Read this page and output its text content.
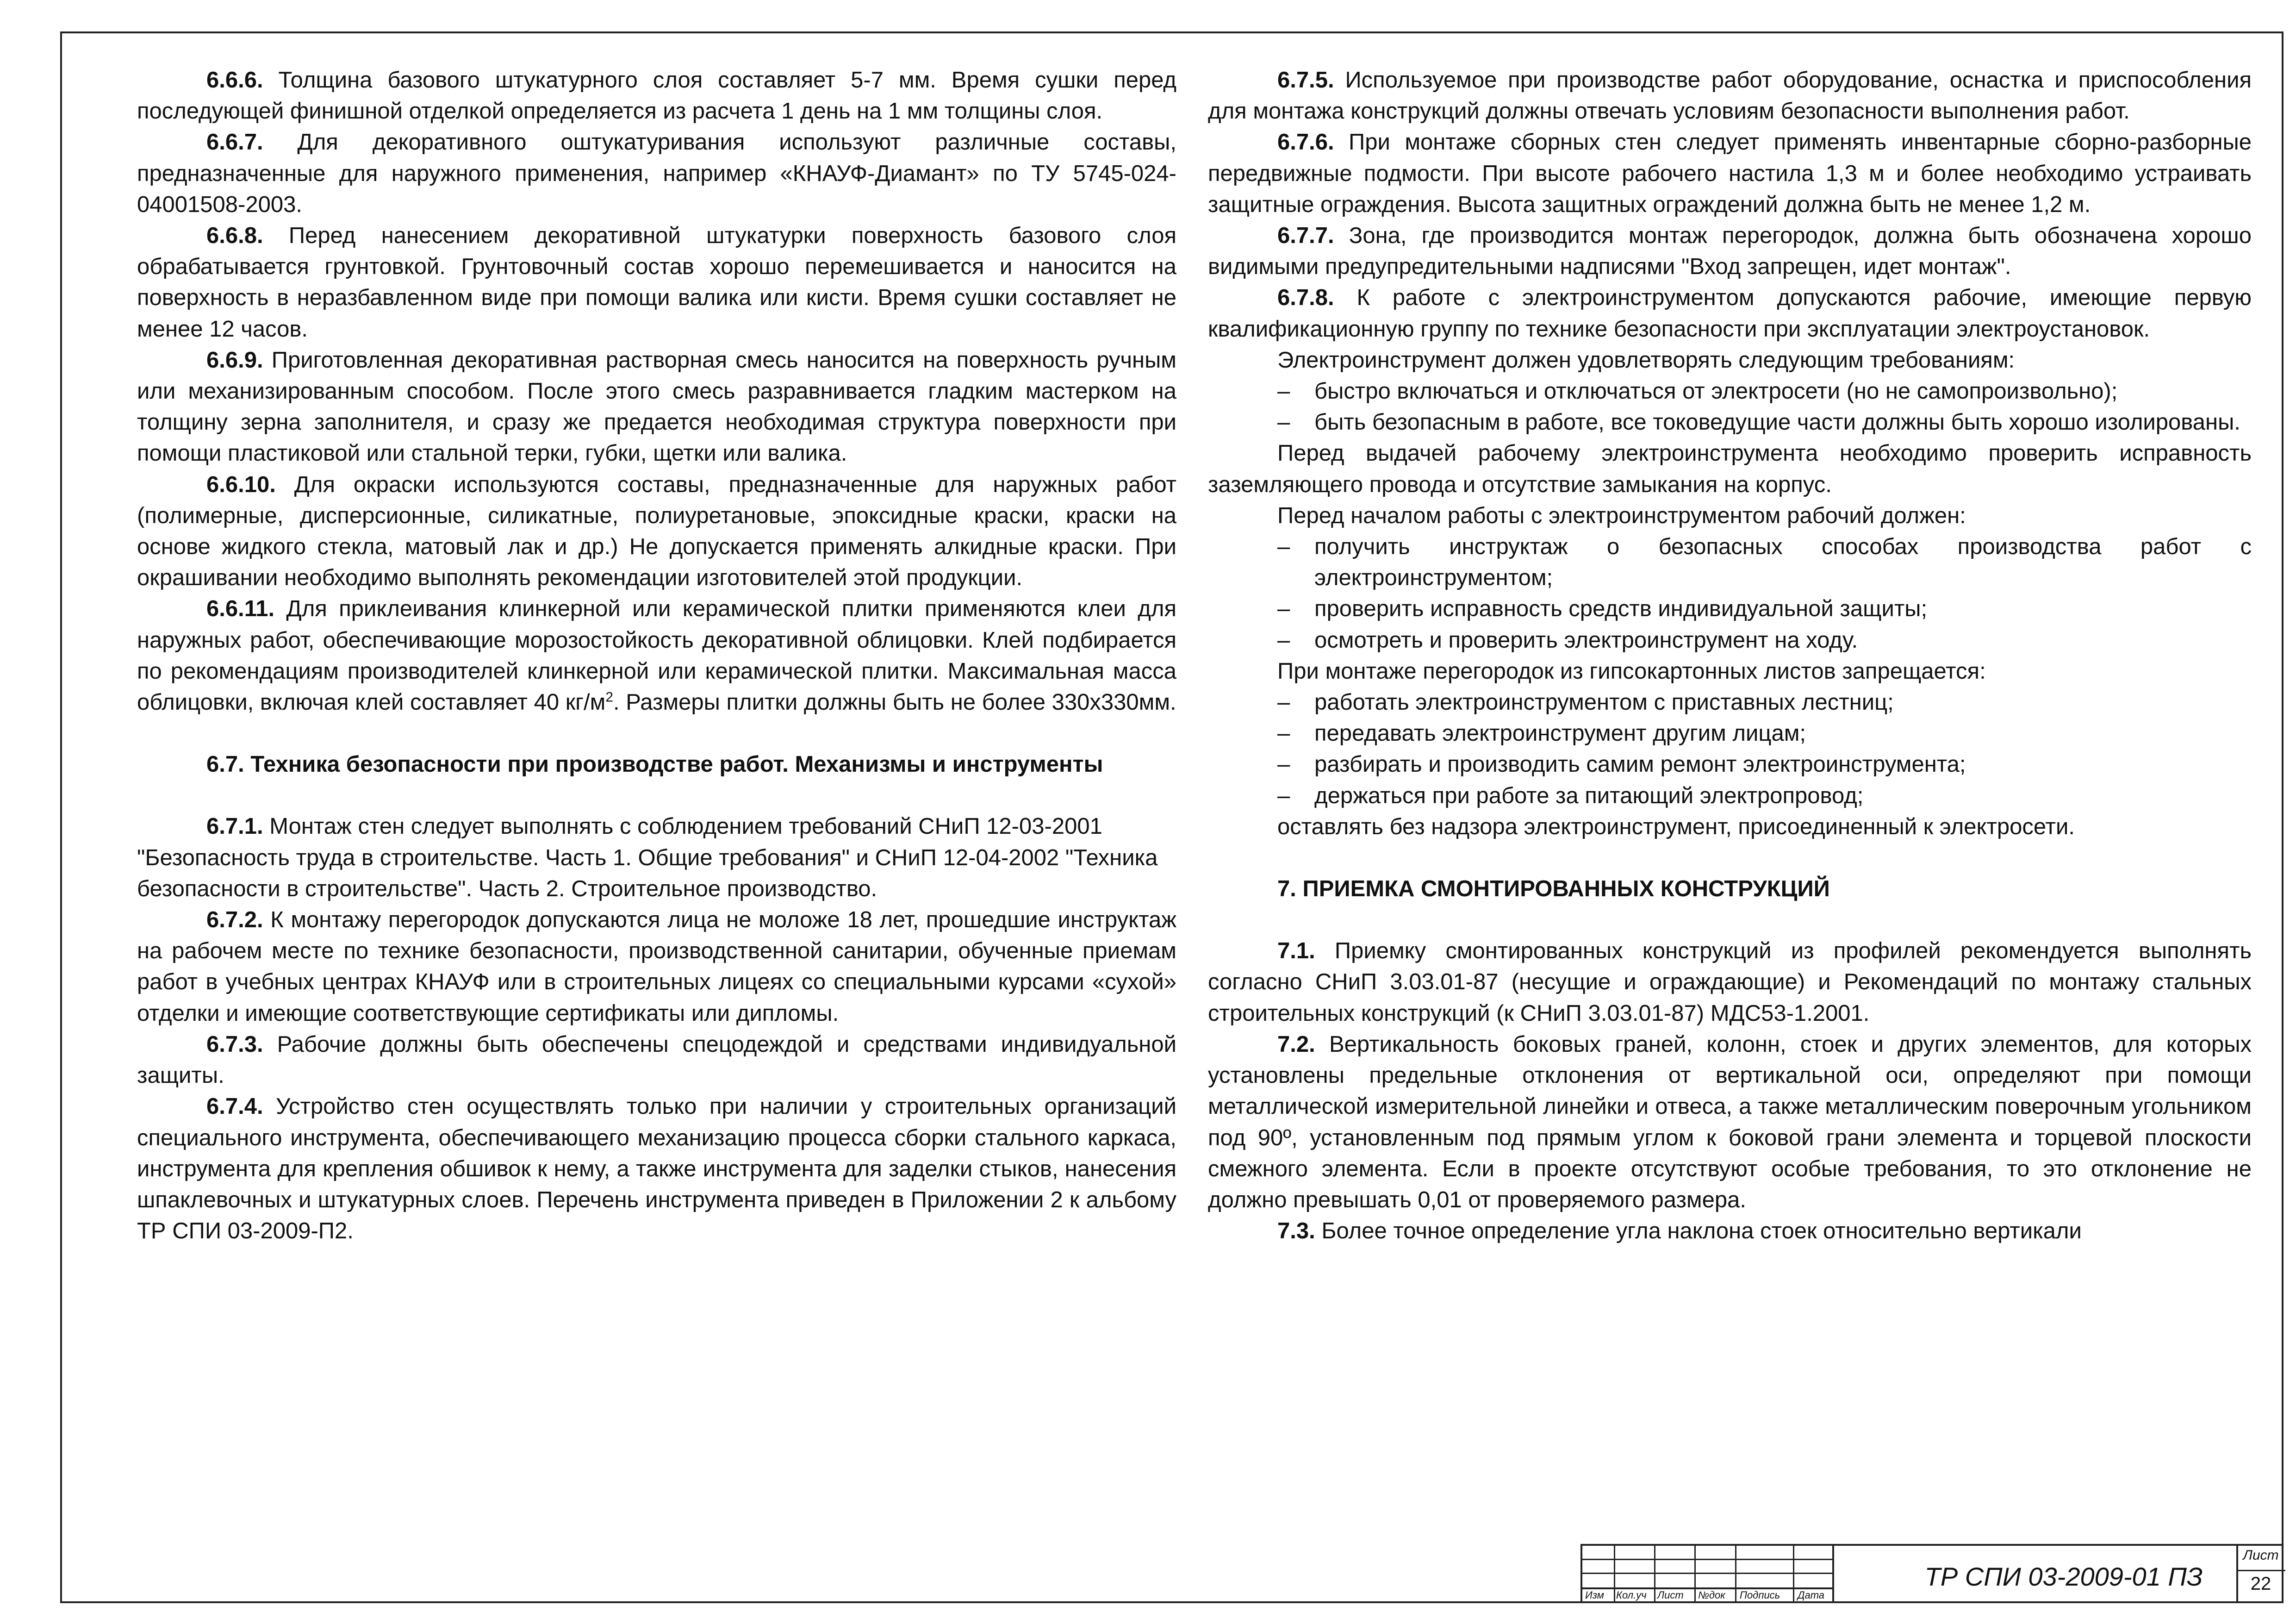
6.6.6. Толщина базового штукатурного слоя составляет 5-7 мм. Время сушки перед последующей финишной отделкой определяется из расчета 1 день на 1 мм толщины слоя.

6.6.7. Для декоративного оштукатуривания используют различные составы, предназначенные для наружного применения, например «КНАУФ-Диамант» по ТУ 5745-024-04001508-2003.

6.6.8. Перед нанесением декоративной штукатурки поверхность базового слоя обрабатывается грунтовкой. Грунтовочный состав хорошо перемешивается и наносится на поверхность в неразбавленном виде при помощи валика или кисти. Время сушки составляет не менее 12 часов.

6.6.9. Приготовленная декоративная растворная смесь наносится на поверхность ручным или механизированным способом. После этого смесь разравнивается гладким мастерком на толщину зерна заполнителя, и сразу же предается необходимая структура поверхности при помощи пластиковой или стальной терки, губки, щетки или валика.

6.6.10. Для окраски используются составы, предназначенные для наружных работ (полимерные, дисперсионные, силикатные, полиуретановые, эпоксидные краски, краски на основе жидкого стекла, матовый лак и др.) Не допускается применять алкидные краски. При окрашивании необходимо выполнять рекомендации изготовителей этой продукции.

6.6.11. Для приклеивания клинкерной или керамической плитки применяются клеи для наружных работ, обеспечивающие морозостойкость декоративной облицовки. Клей подбирается по рекомендациям производителей клинкерной или керамической плитки. Максимальная масса облицовки, включая клей составляет 40 $кг/м^2$. Размеры плитки должны быть не более 330х330мм.

6.7. Техника безопасности при производстве работ. Механизмы и инструменты

6.7.1. Монтаж стен следует выполнять с соблюдением требований СНиП 12-03-2001 "Безопасность труда в строительстве. Часть 1. Общие требования" и СНиП 12-04-2002 "Техника безопасности в строительстве". Часть 2. Строительное производство.

6.7.2. К монтажу перегородок допускаются лица не моложе 18 лет, прошедшие инструктаж на рабочем месте по технике безопасности, производственной санитарии, обученные приемам работ в учебных центрах КНАУФ или в строительных лицеях со специальными курсами «сухой» отделки и имеющие соответствующие сертификаты или дипломы.

6.7.3. Рабочие должны быть обеспечены спецодеждой и средствами индивидуальной защиты.

6.7.4. Устройство стен осуществлять только при наличии у строительных организаций специального инструмента, обеспечивающего механизацию процесса сборки стального каркаса, инструмента для крепления обшивок к нему, а также инструмента для заделки стыков, нанесения шпаклевочных и штукатурных слоев. Перечень инструмента приведен в Приложении 2 к альбому ТР СПИ 03-2009-П2.

6.7.5. Используемое при производстве работ оборудование, оснастка и приспособления для монтажа конструкций должны отвечать условиям безопасности выполнения работ.

6.7.6. При монтаже сборных стен следует применять инвентарные сборно-разборные передвижные подмости. При высоте рабочего настила 1,3 м и более необходимо устраивать защитные ограждения. Высота защитных ограждений должна быть не менее 1,2 м.

6.7.7. Зона, где производится монтаж перегородок, должна быть обозначена хорошо видимыми предупредительными надписями "Вход запрещен, идет монтаж".

6.7.8. К работе с электроинструментом допускаются рабочие, имеющие первую квалификационную группу по технике безопасности при эксплуатации электроустановок.

Электроинструмент должен удовлетворять следующим требованиям:

– быстро включаться и отключаться от электросети (но не самопроизвольно);
– быть безопасным в работе, все токоведущие части должны быть хорошо изолированы.

Перед выдачей рабочему электроинструмента необходимо проверить исправность заземляющего провода и отсутствие замыкания на корпус.

Перед началом работы с электроинструментом рабочий должен:

– получить инструктаж о безопасных способах производства работ с электроинструментом;
– проверить исправность средств индивидуальной защиты;
– осмотреть и проверить электроинструмент на ходу.

При монтаже перегородок из гипсокартонных листов запрещается:

– работать электроинструментом с приставных лестниц;
– передавать электроинструмент другим лицам;
– разбирать и производить самим ремонт электроинструмента;
– держаться при работе за питающий электропровод;

оставлять без надзора электроинструмент, присоединенный к электросети.

7. ПРИЕМКА СМОНТИРОВАННЫХ КОНСТРУКЦИЙ

7.1. Приемку смонтированных конструкций из профилей рекомендуется выполнять согласно СНиП 3.03.01-87 (несущие и ограждающие) и Рекомендаций по монтажу стальных строительных конструкций (к СНиП 3.03.01-87) МДС53-1.2001.

7.2. Вертикальность боковых граней, колонн, стоек и других элементов, для которых установлены предельные отклонения от вертикальной оси, определяют при помощи металлической измерительной линейки и отвеса, а также металлическим поверочным угольником под 90º, установленным под прямым углом к боковой грани элемента и торцевой плоскости смежного элемента. Если в проекте отсутствуют особые требования, то это отклонение не должно превышать 0,01 от проверяемого размера.

7.3. Более точное определение угла наклона стоек относительно вертикали

Изм Кол.уч Лист №док Подпись Дата
ТР СПИ 03-2009-01 ПЗ
Лист
22
